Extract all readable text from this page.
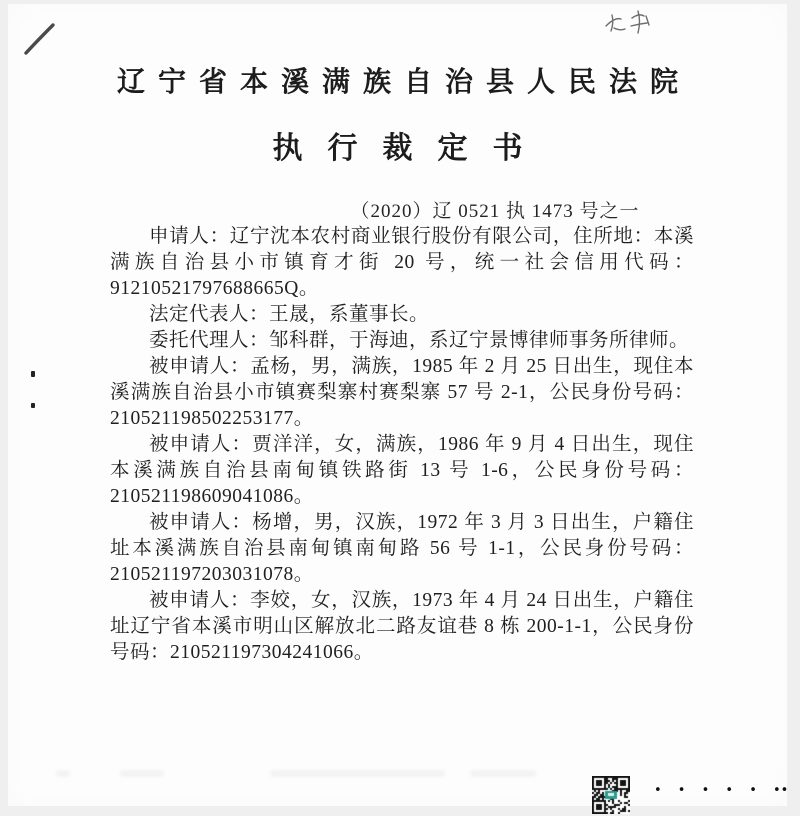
辽宁省本溪满族自治县人民法院
执行裁定书
（2020）辽 0521 执 1473 号之一

申请人：辽宁沈本农村商业银行股份有限公司，住所地：本溪满族自治县小市镇育才街 20 号，统一社会信用代码：91210521797688665Q。

法定代表人：王晟，系董事长。

委托代理人：邹科群，于海迪，系辽宁景博律师事务所律师。

被申请人：孟杨，男，满族，1985 年 2 月 25 日出生，现住本溪满族自治县小市镇赛梨寨村赛梨寨 57 号 2-1，公民身份号码：210521198502253177。

被申请人：贾洋洋，女，满族，1986 年 9 月 4 日出生，现住本溪满族自治县南甸镇铁路街 13 号 1-6，公民身份号码：210521198609041086。

被申请人：杨增，男，汉族，1972 年 3 月 3 日出生，户籍住址本溪满族自治县南甸镇南甸路 56 号 1-1，公民身份号码：210521197203031078。

被申请人：李姣，女，汉族，1973 年 4 月 24 日出生，户籍住址辽宁省本溪市明山区解放北二路友谊巷 8 栋 200-1-1，公民身份号码：210521197304241066。

• • • • • ••
